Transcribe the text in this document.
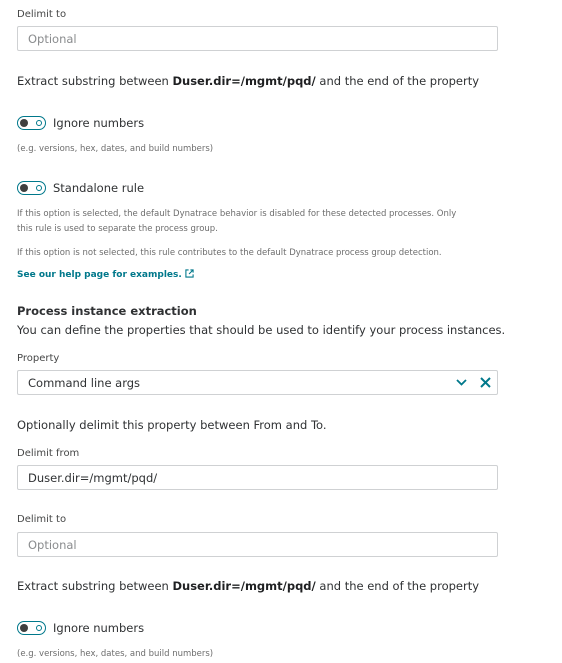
Delimit to
Optional
Extract substring between Duser.dir=/mgmt/pqd/ and the end of the property
Ignore numbers
(e.g. versions, hex, dates, and build numbers)
Standalone rule
If this option is selected, the default Dynatrace behavior is disabled for these detected processes. Only
this rule is used to separate the process group.
If this option is not selected, this rule contributes to the default Dynatrace process group detection.
See our help page for examples.
Process instance extraction
You can define the properties that should be used to identify your process instances.
Property
Command line args
Optionally delimit this property between From and To.
Delimit from
Duser.dir=/mgmt/pqd/
Delimit to
Optional
Extract substring between Duser.dir=/mgmt/pqd/ and the end of the property
Ignore numbers
(e.g. versions, hex, dates, and build numbers)
